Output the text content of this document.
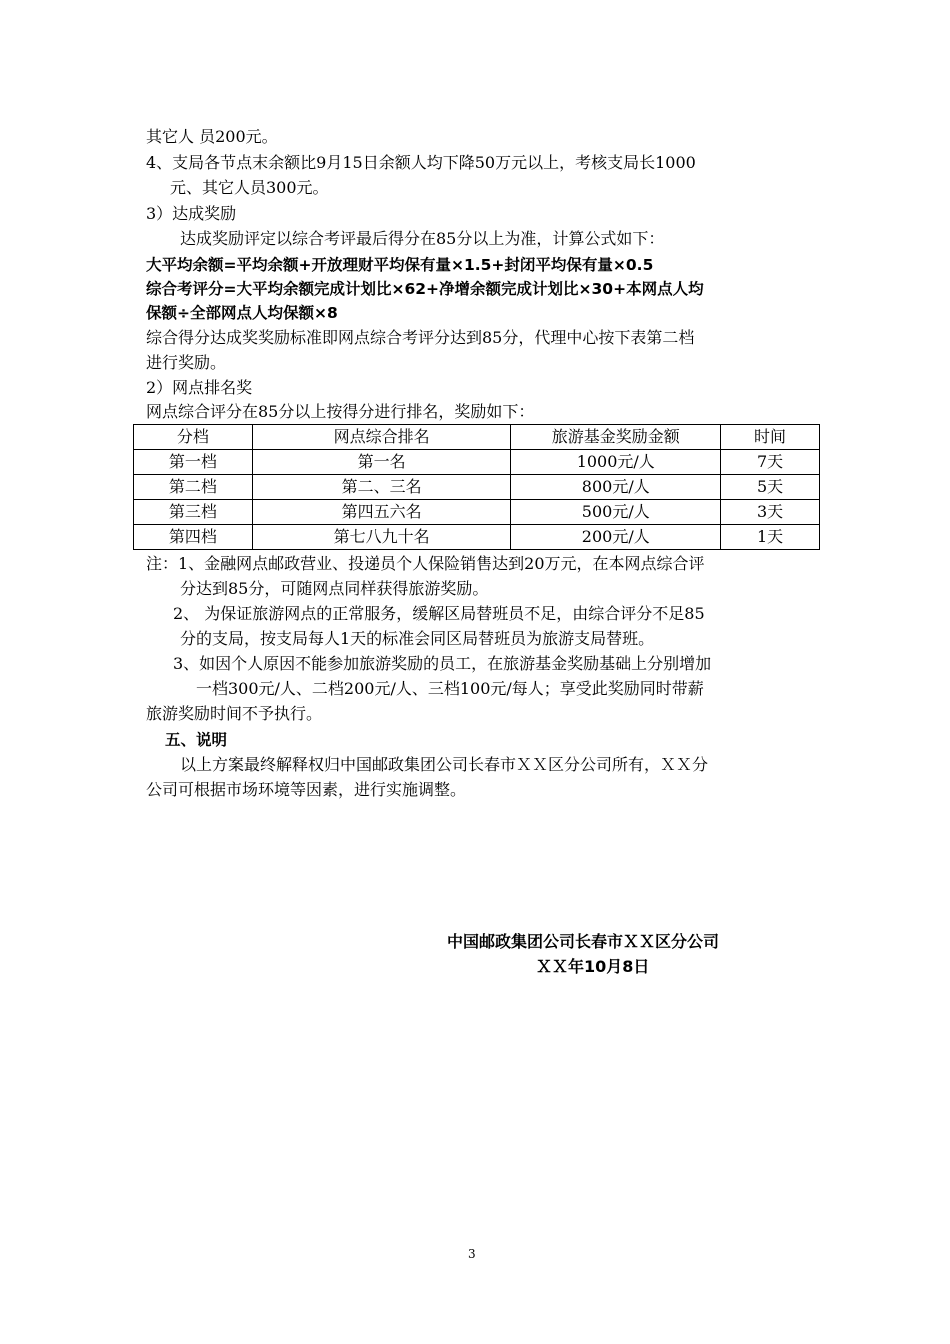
其它人 员200元。
4、支局各节点末余额比9月15日余额人均下降50万元以上，考核支局长1000
元、其它人员300元。
3）达成奖励
达成奖励评定以综合考评最后得分在85分以上为准，计算公式如下：
大平均余额=平均余额+开放理财平均保有量×1.5+封闭平均保有量×0.5
综合考评分=大平均余额完成计划比×62+净增余额完成计划比×30+本网点人均
保额÷全部网点人均保额×8
综合得分达成奖奖励标准即网点综合考评分达到85分，代理中心按下表第二档
进行奖励。
2）网点排名奖
网点综合评分在85分以上按得分进行排名，奖励如下：
分档	网点综合排名	旅游基金奖励金额	时间
第一档	第一名	1000元/人	7天
第二档	第二、三名	800元/人	5天
第三档	第四五六名	500元/人	3天
第四档	第七八九十名	200元/人	1天
注：1、金融网点邮政营业、投递员个人保险销售达到20万元，在本网点综合评
分达到85分，可随网点同样获得旅游奖励。
2、 为保证旅游网点的正常服务，缓解区局替班员不足，由综合评分不足85
分的支局，按支局每人1天的标准会同区局替班员为旅游支局替班。
3、如因个人原因不能参加旅游奖励的员工，在旅游基金奖励基础上分别增加
一档300元/人、二档200元/人、三档100元/每人；享受此奖励同时带薪
旅游奖励时间不予执行。
五、说明
以上方案最终解释权归中国邮政集团公司长春市ＸＸ区分公司所有，ＸＸ分
公司可根据市场环境等因素，进行实施调整。
中国邮政集团公司长春市ＸＸ区分公司
ＸＸ年10月8日
3
